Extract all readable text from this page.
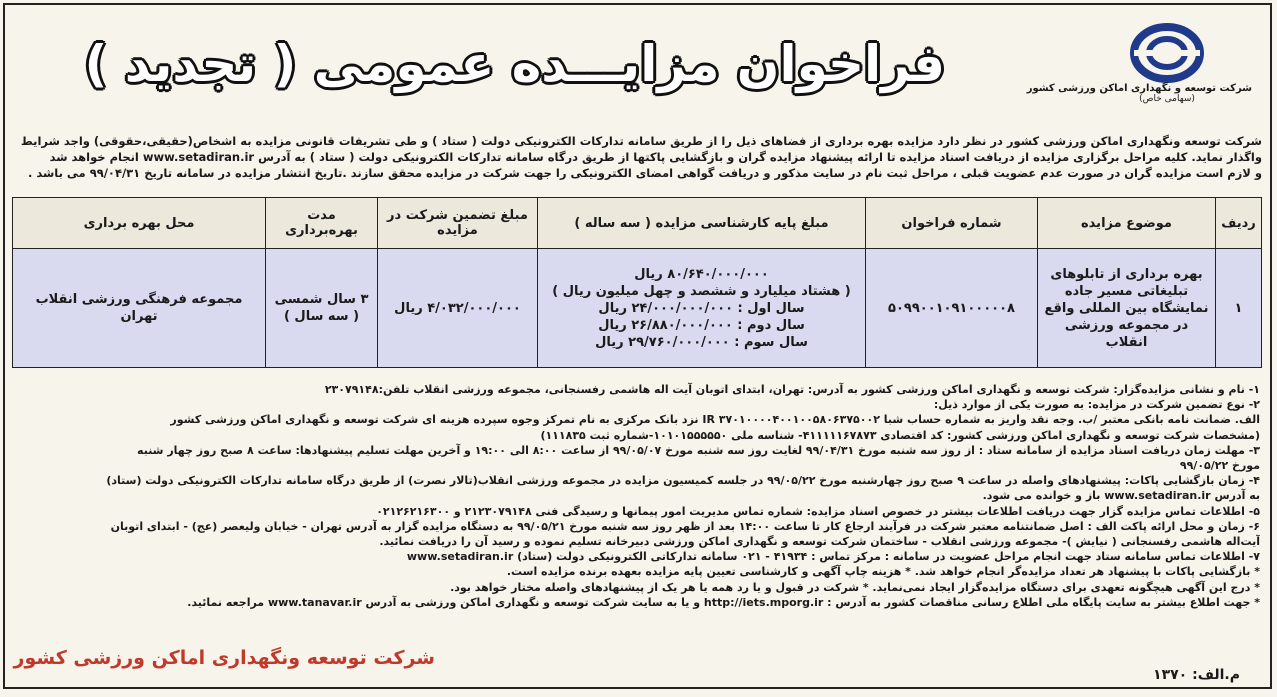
شرکت توسعه و نگهداری اماکن ورزشی کشور
(سهامی خاص)
فراخوان مزایـــده عمومی ( تجدید )
شرکت توسعه ونگهداری اماکن ورزشی کشور در نظر دارد مزایده بهره برداری از فضاهای ذیل را از طریق سامانه تدارکات الکترونیکی دولت ( ستاد ) و طی تشریفات قانونی مزایده به اشخاص(حقیقی،حقوقی) واجد شرایط
واگذار نماید. کلیه مراحل برگزاری مزایده از دریافت اسناد مزایده تا ارائه پیشنهاد مزایده گران و بازگشایی پاکتها از طریق درگاه سامانه تدارکات الکترونیکی دولت ( ستاد ) به آدرس www.setadiran.ir انجام خواهد شد
و لازم است مزایده گران در صورت عدم عضویت قبلی ، مراحل ثبت نام در سایت مذکور و دریافت گواهی امضای الکترونیکی را جهت شرکت در مزایده محقق سازند .تاریخ انتشار مزایده در سامانه تاریخ ۹۹/۰۴/۳۱ می باشد .
ردیف	موضوع مزایده	شماره فراخوان	مبلغ پایه کارشناسی مزایده ( سه ساله )	مبلغ تضمین شرکت در مزایده	مدت بهره‌برداری	محل بهره برداری
۱	بهره برداری از تابلوهای تبلیغاتی مسیر جاده نمایشگاه بین المللی واقع در مجموعه ورزشی انقلاب	۵۰۹۹۰۰۱۰۹۱۰۰۰۰۰۸	۸۰/۶۴۰/۰۰۰/۰۰۰ ریال
( هشتاد میلیارد و ششصد و چهل میلیون ریال )
سال اول : ۲۴/۰۰۰/۰۰۰/۰۰۰ ریال
سال دوم : ۲۶/۸۸۰/۰۰۰/۰۰۰ ریال
سال سوم : ۲۹/۷۶۰/۰۰۰/۰۰۰ ریال	۴/۰۳۲/۰۰۰/۰۰۰ ریال	۳ سال شمسی ( سه سال )	مجموعه فرهنگی ورزشی انقلاب تهران

۱- نام و نشانی مزایده‌گزار: شرکت توسعه و نگهداری اماکن ورزشی کشور به آدرس: تهران، ابتدای اتوبان آیت اله هاشمی رفسنجانی، مجموعه ورزشی انقلاب تلفن:۲۳۰۷۹۱۴۸

۲- نوع تضمین شرکت در مزایده: به صورت یکی از موارد ذیل:

الف. ضمانت نامه بانکی معتبر /ب. وجه نقد واریز به شماره حساب شبا IR ۳۷۰۱۰۰۰۰۴۰۰۱۰۰۵۸۰۶۳۷۵۰۰۲ نزد بانک مرکزی به نام تمرکز وجوه سپرده هزینه ای شرکت توسعه و نگهداری اماکن ورزشی کشور

(مشخصات شرکت توسعه و نگهداری اماکن ورزشی کشور: کد اقتصادی ۴۱۱۱۱۱۶۷۸۷۳- شناسه ملی ۱۰۱۰۱۵۵۵۵۵۰-شماره ثبت ۱۱۱۸۳۵)

۳- مهلت زمان دریافت اسناد مزایده از سامانه ستاد : از روز سه شنبه مورخ ۹۹/۰۴/۳۱ لغایت روز سه شنبه مورخ ۹۹/۰۵/۰۷ از ساعت ۸:۰۰ الی ۱۹:۰۰ و آخرین مهلت تسلیم پیشنهادها: ساعت ۸ صبح روز چهار شنبه

مورخ ۹۹/۰۵/۲۲

۴- زمان بازگشایی پاکات: پیشنهادهای واصله در ساعت ۹ صبح روز چهارشنبه مورخ ۹۹/۰۵/۲۲ در جلسه کمیسیون مزایده در مجموعه ورزشی انقلاب(تالار نصرت) از طریق درگاه سامانه تدارکات الکترونیکی دولت (ستاد)

به آدرس www.setadiran.ir باز و خوانده می شود.

۵- اطلاعات تماس مزایده گزار جهت دریافت اطلاعات بیشتر در خصوص اسناد مزایده: شماره تماس مدیریت امور پیمانها و رسیدگی فنی ۲۱۲۳۰۷۹۱۴۸ و ۰۲۱۲۶۲۱۶۳۰۰

۶- زمان و محل ارائه پاکت الف : اصل ضمانتنامه معتبر شرکت در فرآیند ارجاع کار تا ساعت ۱۴:۰۰ بعد از ظهر روز سه شنبه مورخ ۹۹/۰۵/۲۱ به دستگاه مزایده گزار به آدرس تهران - خیابان ولیعصر (عج) - ابتدای اتوبان

آیت‌اله هاشمی رفسنجانی ( نیایش )- مجموعه ورزشی انقلاب - ساختمان شرکت توسعه و نگهداری اماکن ورزشی دبیرخانه تسلیم نموده و رسید آن را دریافت نمائید.

۷- اطلاعات تماس سامانه ستاد جهت انجام مراحل عضویت در سامانه : مرکز تماس : ۴۱۹۳۴ - ۰۲۱ سامانه تدارکاتی الکترونیکی دولت (ستاد) www.setadiran.ir

* بازگشایی پاکات با پیشنهاد هر تعداد مزایده‌گر انجام خواهد شد. * هزینه چاپ آگهی و کارشناسی تعیین پایه مزایده بعهده برنده مزایده است.

* درج این آگهی هیچگونه تعهدی برای دستگاه مزایده‌گزار ایجاد نمی‌نماید. * شرکت در قبول و یا رد همه یا هر یک از پیشنهادهای واصله مختار خواهد بود.

* جهت اطلاع بیشتر به سایت پایگاه ملی اطلاع رسانی مناقصات کشور به آدرس : http://iets.mporg.ir و یا به سایت شرکت توسعه و نگهداری اماکن ورزشی به آدرس www.tanavar.ir مراجعه نمائید.

شرکت توسعه ونگهداری اماکن ورزشی کشور
م.الف: ۱۳۷۰
